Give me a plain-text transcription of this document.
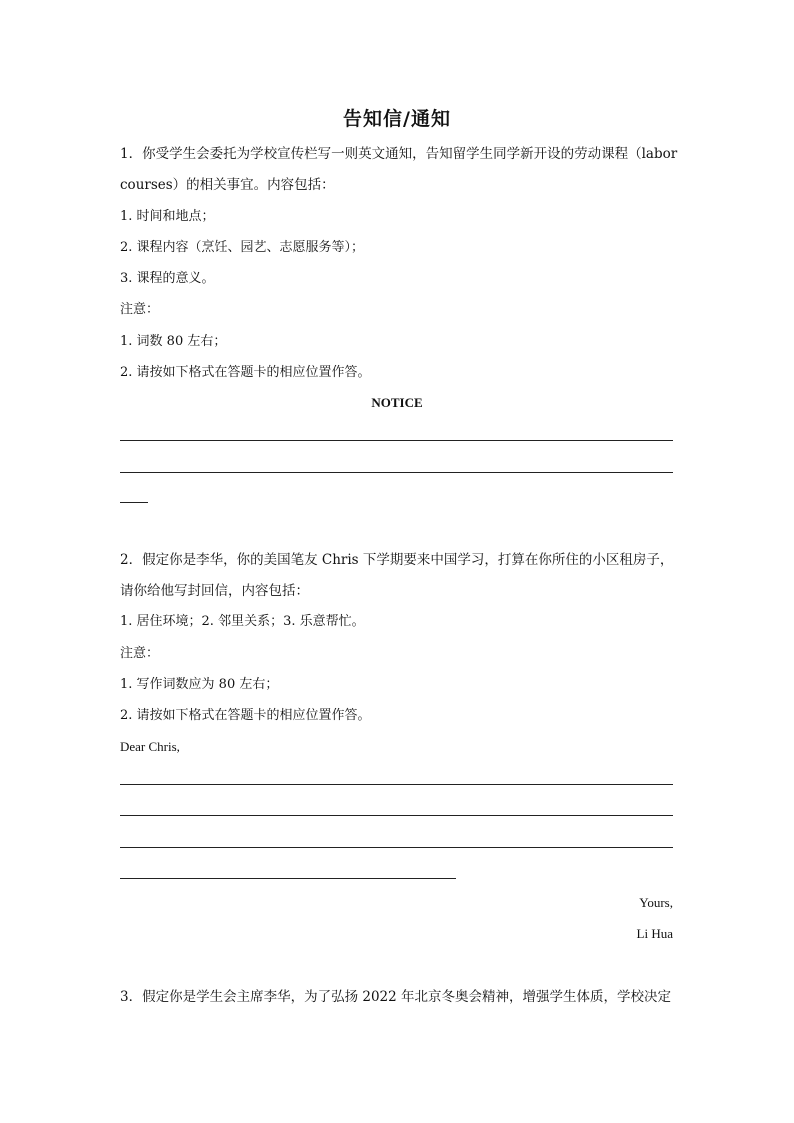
告知信/通知
1．你受学生会委托为学校宣传栏写一则英文通知，告知留学生同学新开设的劳动课程（labor
courses）的相关事宜。内容包括：
1. 时间和地点；
2. 课程内容（烹饪、园艺、志愿服务等）；
3. 课程的意义。
注意：
1. 词数 80 左右；
2. 请按如下格式在答题卡的相应位置作答。
NOTICE
2．假定你是李华，你的美国笔友 Chris 下学期要来中国学习，打算在你所住的小区租房子，
请你给他写封回信，内容包括：
1. 居住环境；2. 邻里关系；3. 乐意帮忙。
注意：
1. 写作词数应为 80 左右；
2. 请按如下格式在答题卡的相应位置作答。
Dear Chris,
Yours,
Li Hua
3．假定你是学生会主席李华，为了弘扬 2022 年北京冬奥会精神，增强学生体质，学校决定
